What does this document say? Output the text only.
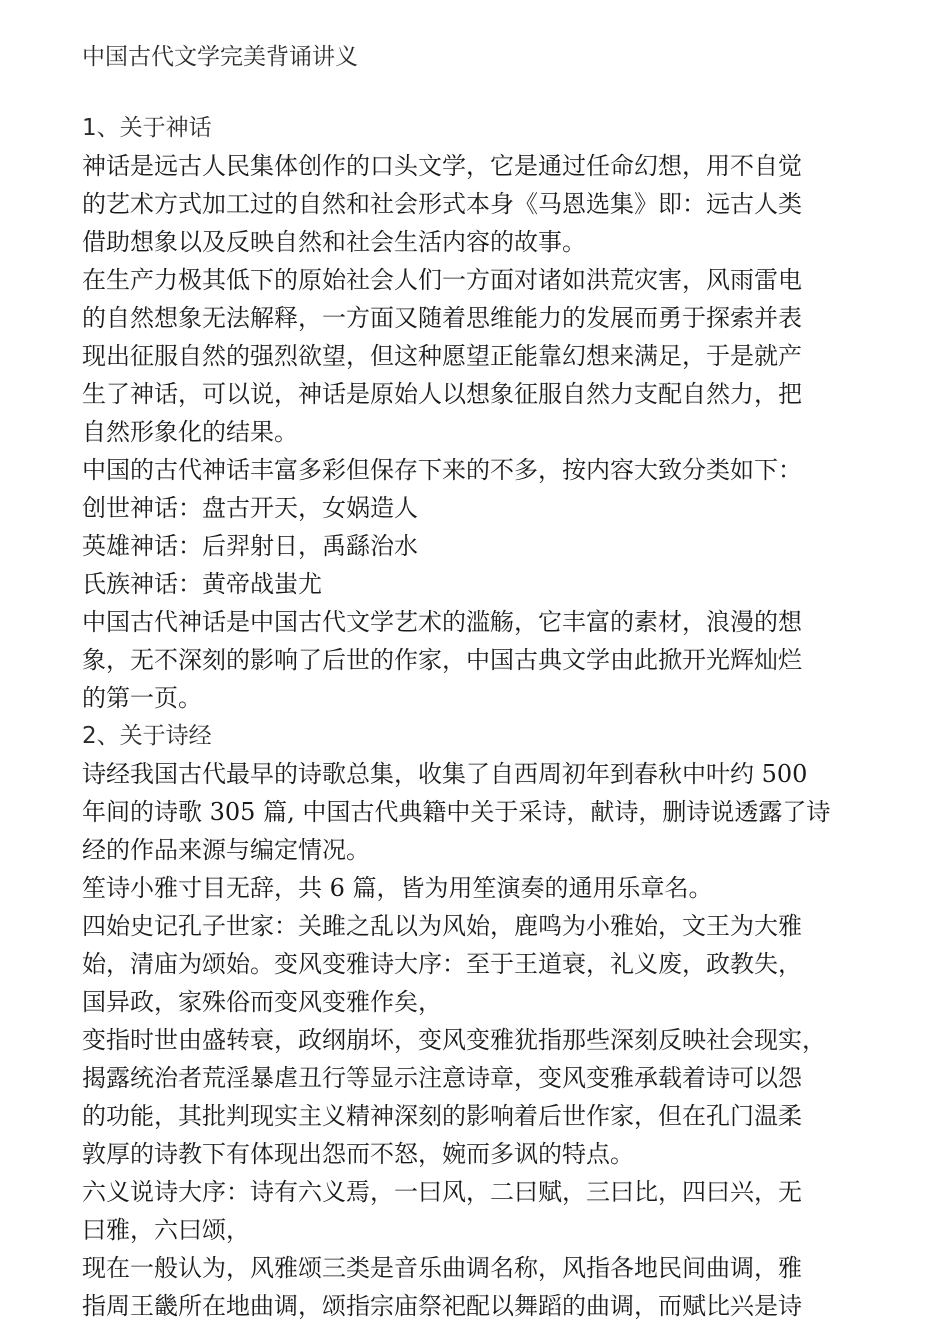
中国古代文学完美背诵讲义
1、关于神话
神话是远古人民集体创作的口头文学，它是通过任命幻想，用不自觉
的艺术方式加工过的自然和社会形式本身《马恩选集》即：远古人类
借助想象以及反映自然和社会生活内容的故事。
在生产力极其低下的原始社会人们一方面对诸如洪荒灾害，风雨雷电
的自然想象无法解释，一方面又随着思维能力的发展而勇于探索并表
现出征服自然的强烈欲望，但这种愿望正能靠幻想来满足，于是就产
生了神话，可以说，神话是原始人以想象征服自然力支配自然力，把
自然形象化的结果。
中国的古代神话丰富多彩但保存下来的不多，按内容大致分类如下：
创世神话：盘古开天，女娲造人
英雄神话：后羿射日，禹繇治水
氏族神话：黄帝战蚩尤
中国古代神话是中国古代文学艺术的滥觞，它丰富的素材，浪漫的想
象，无不深刻的影响了后世的作家，中国古典文学由此掀开光辉灿烂
的第一页。
2、关于诗经
诗经我国古代最早的诗歌总集，收集了自西周初年到春秋中叶约 500
年间的诗歌 305 篇, 中国古代典籍中关于采诗，献诗，删诗说透露了诗
经的作品来源与编定情况。
笙诗小雅寸目无辞，共 6 篇，皆为用笙演奏的通用乐章名。
四始史记孔子世家：关雎之乱以为风始，鹿鸣为小雅始，文王为大雅
始，清庙为颂始。变风变雅诗大序：至于王道衰，礼义废，政教失，
国异政，家殊俗而变风变雅作矣，
变指时世由盛转衰，政纲崩坏，变风变雅犹指那些深刻反映社会现实，
揭露统治者荒淫暴虐丑行等显示注意诗章，变风变雅承载着诗可以怨
的功能，其批判现实主义精神深刻的影响着后世作家，但在孔门温柔
敦厚的诗教下有体现出怨而不怒，婉而多讽的特点。
六义说诗大序：诗有六义焉，一曰风，二曰赋，三曰比，四曰兴，无
曰雅，六曰颂，
现在一般认为，风雅颂三类是音乐曲调名称，风指各地民间曲调，雅
指周王畿所在地曲调，颂指宗庙祭祀配以舞蹈的曲调，而赋比兴是诗
